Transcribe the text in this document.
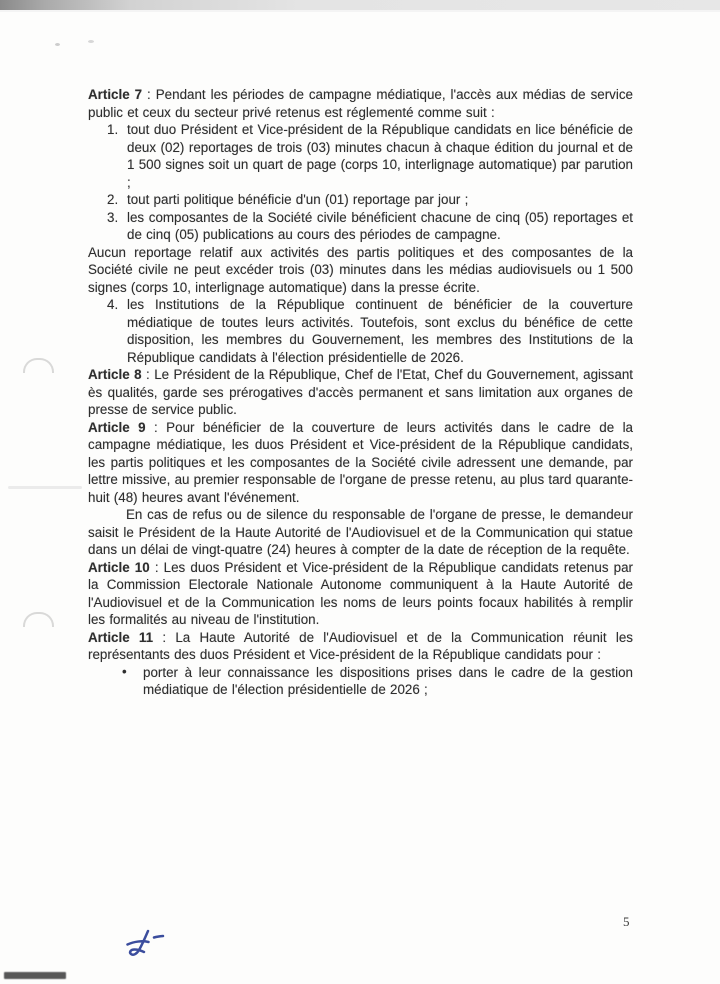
Article 7 : Pendant les périodes de campagne médiatique, l'accès aux médias de service public et ceux du secteur privé retenus est réglementé comme suit :

1. tout duo Président et Vice-président de la République candidats en lice bénéficie de deux (02) reportages de trois (03) minutes chacun à chaque édition du journal et de 1 500 signes soit un quart de page (corps 10, interlignage automatique) par parution ;
2. tout parti politique bénéficie d'un (01) reportage par jour ;
3. les composantes de la Société civile bénéficient chacune de cinq (05) reportages et de cinq (05) publications au cours des périodes de campagne.
Aucun reportage relatif aux activités des partis politiques et des composantes de la Société civile ne peut excéder trois (03) minutes dans les médias audiovisuels ou 1 500 signes (corps 10, interlignage automatique) dans la presse écrite.
4. les Institutions de la République continuent de bénéficier de la couverture médiatique de toutes leurs activités. Toutefois, sont exclus du bénéfice de cette disposition, les membres du Gouvernement, les membres des Institutions de la République candidats à l'élection présidentielle de 2026.

Article 8 : Le Président de la République, Chef de l'Etat, Chef du Gouvernement, agissant ès qualités, garde ses prérogatives d'accès permanent et sans limitation aux organes de presse de service public.

Article 9 : Pour bénéficier de la couverture de leurs activités dans le cadre de la campagne médiatique, les duos Président et Vice-président de la République candidats, les partis politiques et les composantes de la Société civile adressent une demande, par lettre missive, au premier responsable de l'organe de presse retenu, au plus tard quarante-huit (48) heures avant l'événement.

En cas de refus ou de silence du responsable de l'organe de presse, le demandeur saisit le Président de la Haute Autorité de l'Audiovisuel et de la Communication qui statue dans un délai de vingt-quatre (24) heures à compter de la date de réception de la requête.

Article 10 : Les duos Président et Vice-président de la République candidats retenus par la Commission Electorale Nationale Autonome communiquent à la Haute Autorité de l'Audiovisuel et de la Communication les noms de leurs points focaux habilités à remplir les formalités au niveau de l'institution.

Article 11 : La Haute Autorité de l'Audiovisuel et de la Communication réunit les représentants des duos Président et Vice-président de la République candidats pour :

• porter à leur connaissance les dispositions prises dans le cadre de la gestion médiatique de l'élection présidentielle de 2026 ;
5
